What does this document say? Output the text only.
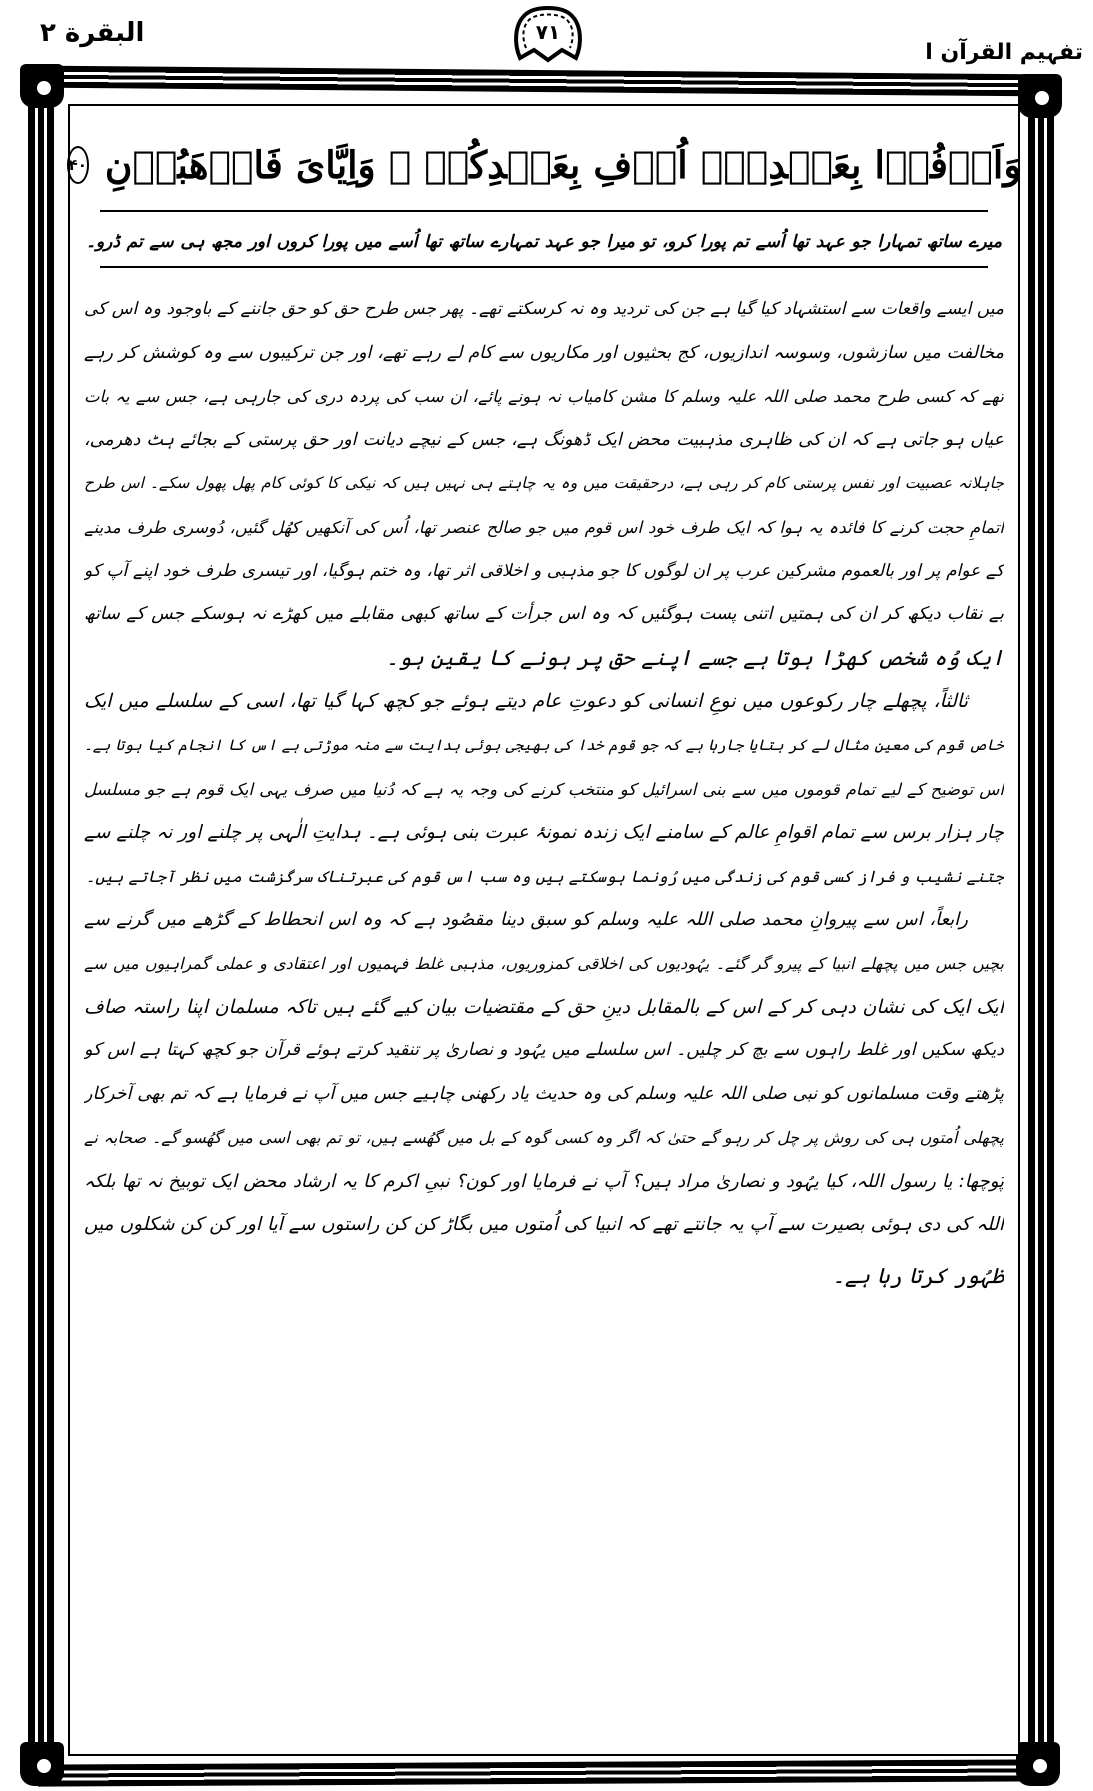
البقرة ۲	۷۱
تفہیم القرآن ا
وَاَوۡفُوۡا بِعَهۡدِىۡۤ اُوۡفِ بِعَهۡدِكُمۡ ۚ وَاِيَّاىَ فَارۡهَبُوۡنِ
۴۰
میرے ساتھ تمہارا جو عہد تھا اُسے تم پورا کرو، تو میرا جو عہد تمہارے ساتھ تھا اُسے میں پورا کروں اور مجھ ہی سے تم ڈرو۔
میں ایسے واقعات سے استشہاد کیا گیا ہے جن کی تردید وہ نہ کرسکتے تھے۔ پھر جس طرح حق کو حق جاننے کے باوجود وہ اس کی
مخالفت میں سازشوں، وسوسہ اندازیوں، کج بحثیوں اور مکاریوں سے کام لے رہے تھے، اور جن ترکیبوں سے وہ کوشش کر رہے
تھے کہ کسی طرح محمد صلی اللہ علیہ وسلم کا مشن کامیاب نہ ہونے پائے، ان سب کی پردہ دری کی جارہی ہے، جس سے یہ بات
عیاں ہو جاتی ہے کہ ان کی ظاہری مذہبیت محض ایک ڈھونگ ہے، جس کے نیچے دیانت اور حق پرستی کے بجائے ہٹ دھرمی،
جاہلانہ عصبیت اور نفس پرستی کام کر رہی ہے، درحقیقت میں وہ یہ چاہتے ہی نہیں ہیں کہ نیکی کا کوئی کام پھل پھول سکے۔ اس طرح
اتمامِ حجت کرنے کا فائدہ یہ ہوا کہ ایک طرف خود اس قوم میں جو صالح عنصر تھا، اُس کی آنکھیں کھُل گئیں، دُوسری طرف مدینے
کے عوام پر اور بالعموم مشرکین عرب پر ان لوگوں کا جو مذہبی و اخلاقی اثر تھا، وہ ختم ہوگیا، اور تیسری طرف خود اپنے آپ کو
بے نقاب دیکھ کر ان کی ہمتیں اتنی پست ہوگئیں کہ وہ اس جرأت کے ساتھ کبھی مقابلے میں کھڑے نہ ہوسکے جس کے ساتھ
ایک وُہ شخص کھڑا ہوتا ہے جسے اپنے حق پر ہونے کا یقین ہو۔
ثالثاً، پچھلے چار رکوعوں میں نوعِ انسانی کو دعوتِ عام دیتے ہوئے جو کچھ کہا گیا تھا، اسی کے سلسلے میں ایک
خاص قوم کی معین مثال لے کر بتایا جارہا ہے کہ جو قوم خدا کی بھیجی ہوئی ہدایت سے منہ موڑتی ہے اس کا انجام کیا ہوتا ہے۔
اس توضیح کے لیے تمام قوموں میں سے بنی اسرائیل کو منتخب کرنے کی وجہ یہ ہے کہ دُنیا میں صرف یہی ایک قوم ہے جو مسلسل
چار ہزار برس سے تمام اقوامِ عالم کے سامنے ایک زندہ نمونۂ عبرت بنی ہوئی ہے۔ ہدایتِ الٰہی پر چلنے اور نہ چلنے سے
جتنے نشیب و فراز کسی قوم کی زندگی میں رُونما ہوسکتے ہیں وہ سب اس قوم کی عبرتناک سرگزشت میں نظر آجاتے ہیں۔
رابعاً، اس سے پیروانِ محمد صلی اللہ علیہ وسلم کو سبق دینا مقصُود ہے کہ وہ اس انحطاط کے گڑھے میں گرنے سے
بچیں جس میں پچھلے انبیا کے پیرو گر گئے۔ یہُودیوں کی اخلاقی کمزوریوں، مذہبی غلط فہمیوں اور اعتقادی و عملی گمراہیوں میں سے
ایک ایک کی نشان دہی کر کے اس کے بالمقابل دینِ حق کے مقتضیات بیان کیے گئے ہیں تاکہ مسلمان اپنا راستہ صاف
دیکھ سکیں اور غلط راہوں سے بچ کر چلیں۔ اس سلسلے میں یہُود و نصاریٰ پر تنقید کرتے ہوئے قرآن جو کچھ کہتا ہے اس کو
پڑھتے وقت مسلمانوں کو نبی صلی اللہ علیہ وسلم کی وہ حدیث یاد رکھنی چاہیے جس میں آپ نے فرمایا ہے کہ تم بھی آخرکار
پچھلی اُمتوں ہی کی روش پر چل کر رہو گے حتیٰ کہ اگر وہ کسی گوہ کے بل میں گھُسے ہیں، تو تم بھی اسی میں گھُسو گے۔ صحابہ نے
پُوچھا: یا رسول اللہ، کیا یہُود و نصاریٰ مراد ہیں؟ آپ نے فرمایا اور کون؟ نبیِ اکرم کا یہ ارشاد محض ایک توبیخ نہ تھا بلکہ
اللہ کی دی ہوئی بصیرت سے آپ یہ جانتے تھے کہ انبیا کی اُمتوں میں بگاڑ کن کن راستوں سے آیا اور کن کن شکلوں میں
ظہُور کرتا رہا ہے۔
